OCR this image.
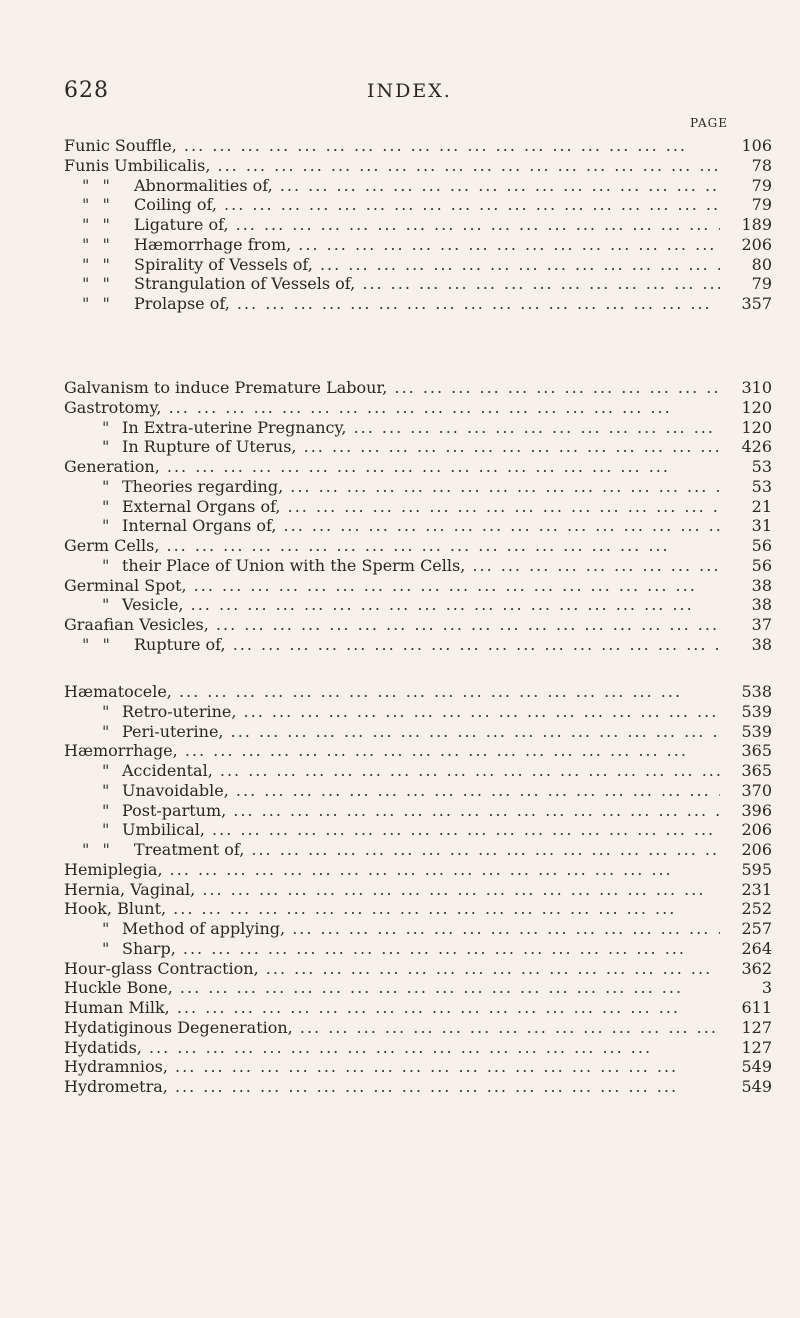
628	INDEX.
PAGE
Funic Souffle, ... .	106
Funis Umbilicalis, ... .	78
" " Abnormalities of, ... .	79
" " Coiling of, ... .	79
" " Ligature of, ... .	189
" " Hæmorrhage from, ... .	206
" " Spirality of Vessels of, ... .	80
" " Strangulation of Vessels of, ... .	79
" " Prolapse of, ... .	357
Galvanism to induce Premature Labour, ... .	310
Gastrotomy, ... .	120
" In Extra-uterine Pregnancy, ... .	120
" In Rupture of Uterus, ... .	426
Generation, ... .	53
" Theories regarding, ... .	53
" External Organs of, ... .	21
" Internal Organs of, ... .	31
Germ Cells, ... .	56
" their Place of Union with the Sperm Cells, ... .	56
Germinal Spot, ... .	38
" Vesicle, ... .	38
Graafian Vesicles, ... .	37
" " Rupture of, ... .	38
Hæmatocele, ... .	538
" Retro-uterine, ... .	539
" Peri-uterine, ... .	539
Hæmorrhage, ... .	365
" Accidental, ... .	365
" Unavoidable, ... .	370
" Post-partum, ... .	396
" Umbilical, ... .	206
" " Treatment of, ... .	206
Hemiplegia, ... .	595
Hernia, Vaginal, ... .	231
Hook, Blunt, ... .	252
" Method of applying, ... .	257
" Sharp, ... .	264
Hour-glass Contraction, ... .	362
Huckle Bone, ... .	3
Human Milk, ... .	611
Hydatiginous Degeneration, ... .	127
Hydatids, ... .	127
Hydramnios, ... .	549
Hydrometra, ... .	549
